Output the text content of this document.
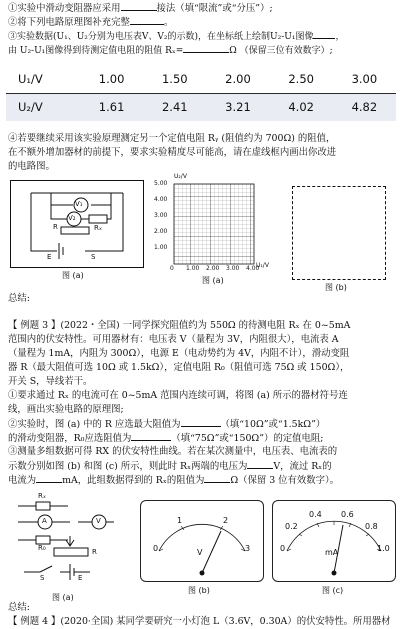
①实验中滑动变阻器应采用	接法（填“限流”或“分压”）;
②将下列电路原理图补充完整	。
③实验数据(U₁、U₂分别为电压表V、V₂的示数)，在坐标纸上绘制U₂-U₁图像 ，
由 U₂-U₁图像得到待测定值电阻的阻值 Rₓ=	Ω （保留三位有效数字）;
U₁/V	1.00	1.50	2.00	2.50	3.00
U₂/V	1.61	2.41	3.21	4.02	4.82
④若要继续采用该实验原理测定另一个定值电阻 Rᵧ (阻值约为 700Ω) 的阻值，
在不额外增加器材的前提下，要求实验精度尽可能高，请在虚线框内画出你改进
的电路图。
V₁
V₂
Rₓ
R
E	S
图 (a)
U₂/V
U₁/V
5.00
4.00
3.00
2.00
1.00
0 1.00 2.00 3.00 4.00
图 (a)
图 (b)
总结:
【 例题 3 】(2022・全国) 一同学探究阻值约为 550Ω 的待测电阻 Rₓ 在 0~5mA
范围内的伏安特性。可用器材有：电压表 V（量程为 3V，内阻很大），电流表 A
（量程为 1mA，内阻为 300Ω），电源 E（电动势约为 4V，内阻不计），滑动变阻
器 R（最大阻值可选 10Ω 或 1.5kΩ），定值电阻 R₀（阻值可选 75Ω 或 150Ω），
开关 S，导线若干。
①要求通过 Rₓ 的电流可在 0~5mA 范围内连续可调，将图 (a) 所示的器材符号连
线，画出实验电路的原理图;
②实验时，图 (a) 中的 R 应选最大阻值为	（填“10Ω”或“1.5kΩ”）
的滑动变阻器，R₀应选阻值为	（填“75Ω”或“150Ω”）的定值电阻;
③测量多组数据可得 RX 的伏安特性曲线。若在某次测量中，电压表、电流表的
示数分别如图 (b) 和图 (c) 所示，则此时 Rₓ两端的电压为	V，流过 Rₓ的
电流为	mA，此组数据得到的 Rₓ的阻值为	Ω（保留 3 位有效数字）。
Rₓ
A	V
R₀	R
S	E
图 (a)
0
1	2
3
V
图 (b)
0
0.2
0.4 0.6
0.8
1.0
mA
图 (c)
总结:
【 例题 4 】(2020·全国) 某同学要研究一小灯泡 L（3.6V，0.30A）的伏安特性。所用器材
